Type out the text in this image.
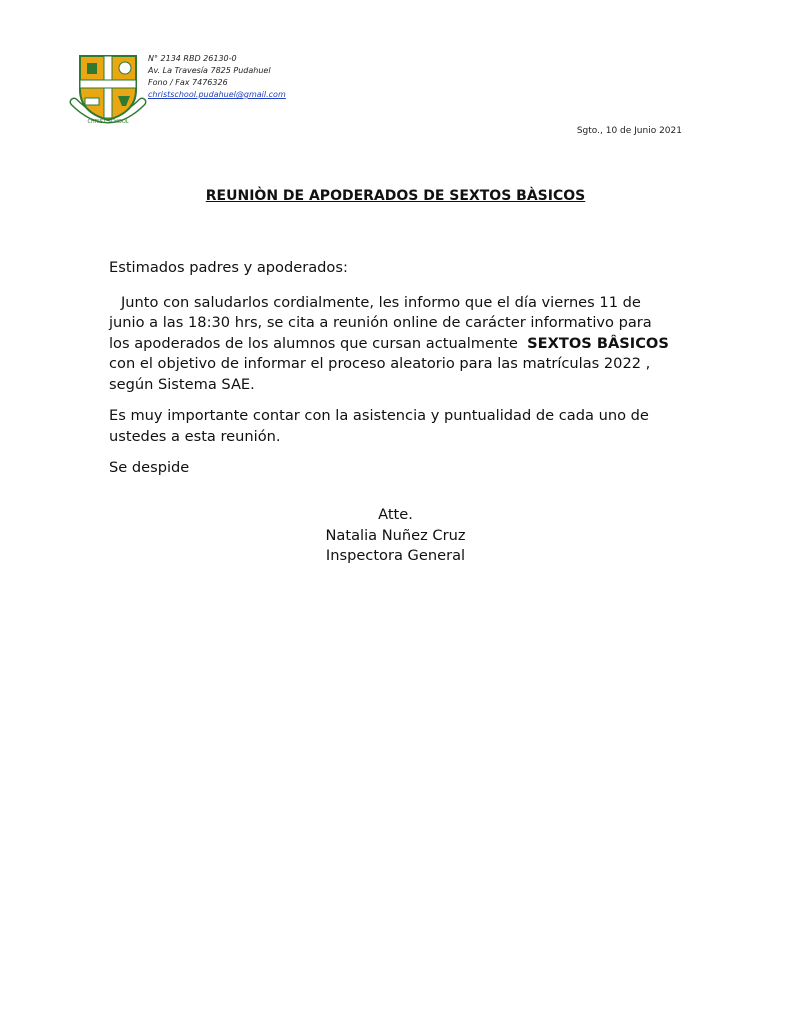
CHRIST SCHOOL
N° 2134 RBD 26130-0
Av. La Travesía 7825 Pudahuel
Fono / Fax 7476326
christschool.pudahuel@gmail.com
Sgto., 10 de Junio 2021
REUNIÒN DE APODERADOS DE SEXTOS BÀSICOS

Estimados padres y apoderados:

Junto con saludarlos cordialmente, les informo que el día viernes 11 de
junio a las 18:30 hrs, se cita a reunión online de carácter informativo para
los apoderados de los alumnos que cursan actualmente SEXTOS BÂSICOS
con el objetivo de informar el proceso aleatorio para las matrículas 2022 ,
según Sistema SAE.

Es muy importante contar con la asistencia y puntualidad de cada uno de
ustedes a esta reunión.

Se despide

Atte.
Natalia Nuñez Cruz
Inspectora General
